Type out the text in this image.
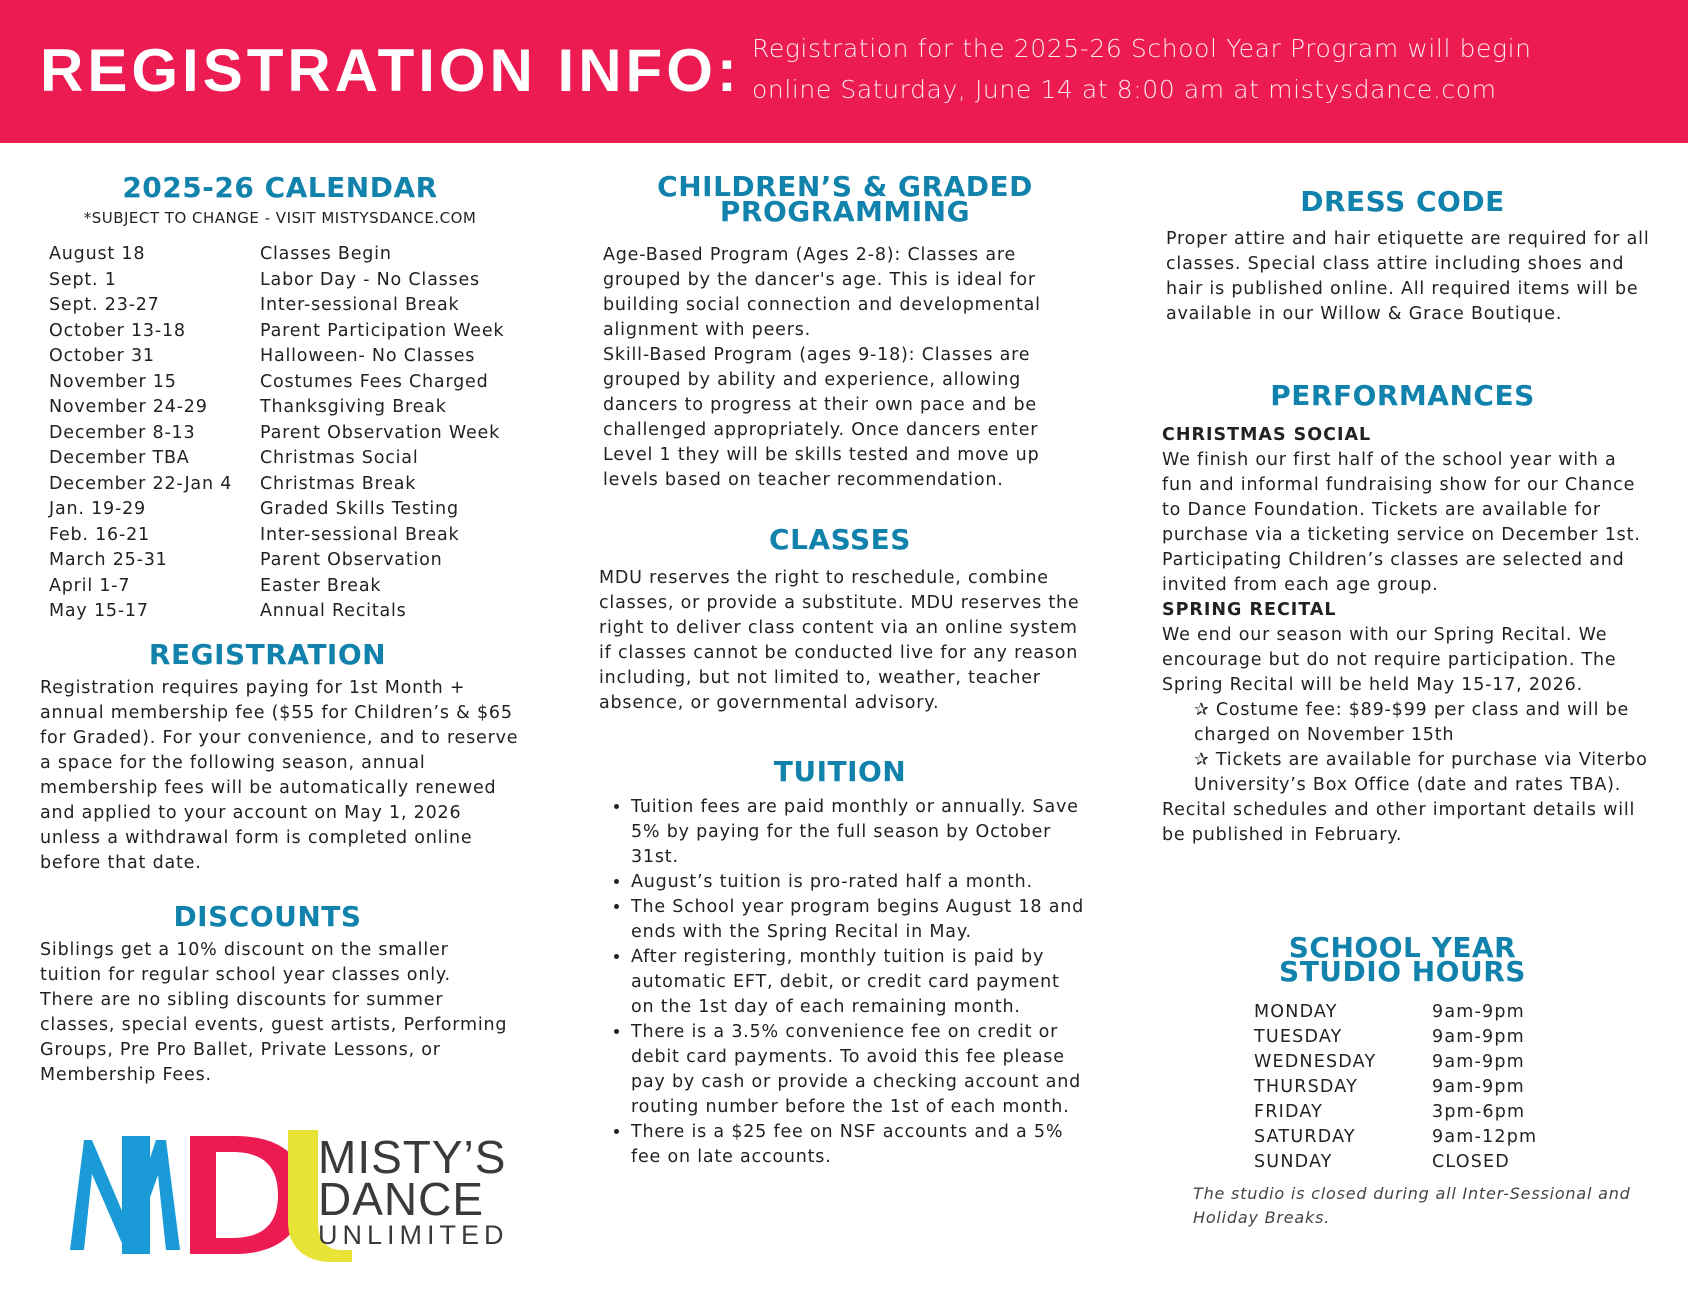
REGISTRATION INFO: Registration for the 2025-26 School Year Program will begin
online Saturday, June 14 at 8:00 am at mistysdance.com
2025-26 CALENDAR
*SUBJECT TO CHANGE - VISIT MISTYSDANCE.COM
August 18	Classes Begin
Sept. 1	Labor Day - No Classes
Sept. 23-27	Inter-sessional Break
October 13-18	Parent Participation Week
October 31	Halloween- No Classes
November 15	Costumes Fees Charged
November 24-29	Thanksgiving Break
December 8-13	Parent Observation Week
December TBA	Christmas Social
December 22-Jan 4	Christmas Break
Jan. 19-29	Graded Skills Testing
Feb. 16-21	Inter-sessional Break
March 25-31	Parent Observation
April 1-7	Easter Break
May 15-17	Annual Recitals
REGISTRATION

Registration requires paying for 1st Month + annual membership fee ($55 for Children’s & $65 for Graded). For your convenience, and to reserve a space for the following season, annual membership fees will be automatically renewed and applied to your account on May 1, 2026 unless a withdrawal form is completed online before that date.

DISCOUNTS

Siblings get a 10% discount on the smaller tuition for regular school year classes only. There are no sibling discounts for summer classes, special events, guest artists, Performing Groups, Pre Pro Ballet, Private Lessons, or Membership Fees.

MISTY’S
DANCE
UNLIMITED
CHILDREN’S & GRADED
PROGRAMMING

Age-Based Program (Ages 2-8): Classes are grouped by the dancer's age. This is ideal for building social connection and developmental alignment with peers.

Skill-Based Program (ages 9-18): Classes are grouped by ability and experience, allowing dancers to progress at their own pace and be challenged appropriately. Once dancers enter Level 1 they will be skills tested and move up levels based on teacher recommendation.

CLASSES

MDU reserves the right to reschedule, combine classes, or provide a substitute. MDU reserves the right to deliver class content via an online system if classes cannot be conducted live for any reason including, but not limited to, weather, teacher absence, or governmental advisory.

TUITION
• Tuition fees are paid monthly or annually. Save 5% by paying for the full season by October 31st.
• August’s tuition is pro-rated half a month.
• The School year program begins August 18 and ends with the Spring Recital in May.
• After registering, monthly tuition is paid by automatic EFT, debit, or credit card payment on the 1st day of each remaining month.
• There is a 3.5% convenience fee on credit or debit card payments. To avoid this fee please pay by cash or provide a checking account and routing number before the 1st of each month.
• There is a $25 fee on NSF accounts and a 5% fee on late accounts.
DRESS CODE

Proper attire and hair etiquette are required for all classes. Special class attire including shoes and hair is published online. All required items will be available in our Willow & Grace Boutique.

PERFORMANCES
CHRISTMAS SOCIAL
We finish our first half of the school year with a fun and informal fundraising show for our Chance to Dance Foundation. Tickets are available for purchase via a ticketing service on December 1st. Participating Children’s classes are selected and invited from each age group.
SPRING RECITAL
We end our season with our Spring Recital. We encourage but do not require participation. The Spring Recital will be held May 15-17, 2026.
✰ Costume fee: $89-$99 per class and will be charged on November 15th
✰ Tickets are available for purchase via Viterbo University’s Box Office (date and rates TBA).
Recital schedules and other important details will be published in February.
SCHOOL YEAR
STUDIO HOURS
MONDAY	9am-9pm
TUESDAY	9am-9pm
WEDNESDAY	9am-9pm
THURSDAY	9am-9pm
FRIDAY	3pm-6pm
SATURDAY	9am-12pm
SUNDAY	CLOSED
The studio is closed during all Inter-Sessional and Holiday Breaks.
